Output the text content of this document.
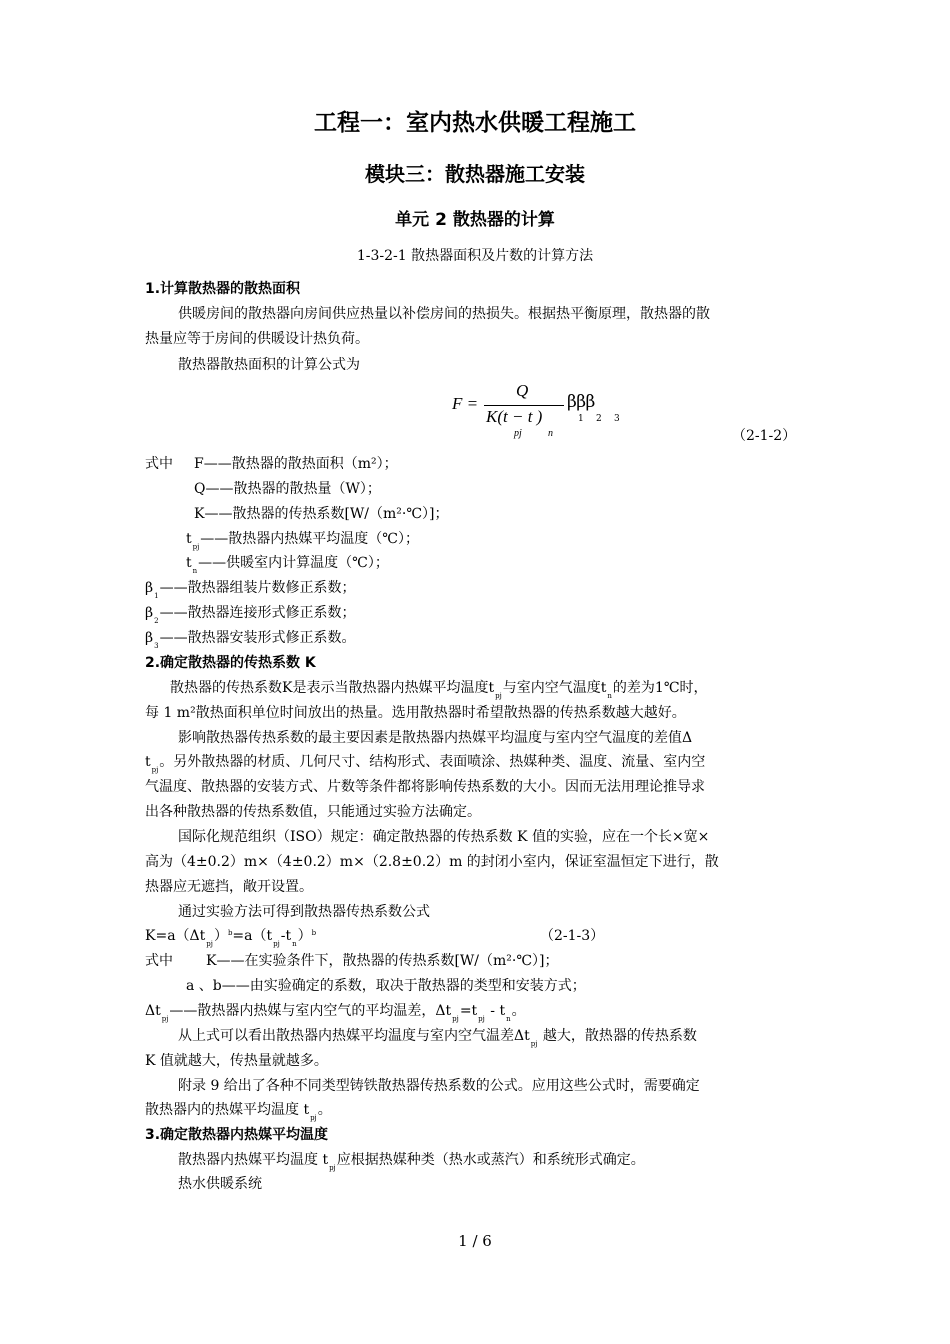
工程一：室内热水供暖工程施工
模块三：散热器施工安装
单元 2 散热器的计算
1-3-2-1 散热器面积及片数的计算方法
1.计算散热器的散热面积
供暖房间的散热器向房间供应热量以补偿房间的热损失。根据热平衡原理，散热器的散
热量应等于房间的供暖设计热负荷。
散热器散热面积的计算公式为
F =
Q
K(t − t )
pj	n
β β β
1 2 3
（2-1-2）
式中 F——散热器的散热面积（m²）；
Q——散热器的散热量（W）；
K——散热器的传热系数[W/（m²·℃）]；
$t_{pj}——$散热器内热媒平均温度（℃）；
$t_n——$供暖室内计算温度（℃）；
$\beta_1——$散热器组装片数修正系数；
$\beta_2——$散热器连接形式修正系数；
$\beta_3——$散热器安装形式修正系数。
2.确定散热器的传热系数 K
散热器的传热系数K是表示当散热器内热媒平均温度$t_{pj}$与室内空气温度$t_n$的差为1℃时，
每 1 m²散热面积单位时间放出的热量。选用散热器时希望散热器的传热系数越大越好。
影响散热器传热系数的最主要因素是散热器内热媒平均温度与室内空气温度的差值Δ
$t_{pj}$。另外散热器的材质、几何尺寸、结构形式、表面喷涂、热媒种类、温度、流量、室内空
气温度、散热器的安装方式、片数等条件都将影响传热系数的大小。因而无法用理论推导求
出各种散热器的传热系数值，只能通过实验方法确定。
国际化规范组织（ISO）规定：确定散热器的传热系数 K 值的实验，应在一个长×宽×
高为（4±0.2）m×（4±0.2）m×（2.8±0.2）m 的封闭小室内，保证室温恒定下进行，散
热器应无遮挡，敞开设置。
通过实验方法可得到散热器传热系数公式
$K=a(\Delta t_{pj})^b=a(t_{pj}-t_n)^b$	（2-1-3）
式中 K——在实验条件下，散热器的传热系数[W/（m²·℃）]；
a 、b——由实验确定的系数，取决于散热器的类型和安装方式；
$\Delta t_{pj}——$散热器内热媒与室内空气的平均温差，$\Delta t_{pj}=t_{pj} - t_n$。
从上式可以看出散热器内热媒平均温度与室内空气温差$\Delta t_{pj}$ 越大，散热器的传热系数
K 值就越大，传热量就越多。
附录 9 给出了各种不同类型铸铁散热器传热系数的公式。应用这些公式时，需要确定
散热器内的热媒平均温度 $t_{pj}$。
3.确定散热器内热媒平均温度
散热器内热媒平均温度 $t_{pj}$应根据热媒种类（热水或蒸汽）和系统形式确定。
热水供暖系统
1 / 6
